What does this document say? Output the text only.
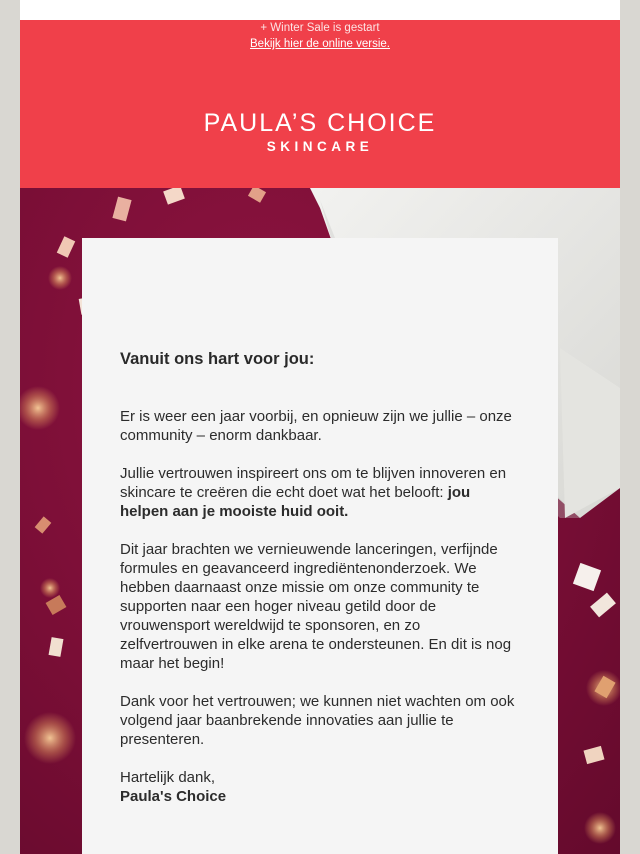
+ Winter Sale is gestart
Bekijk hier de online versie.
PAULA’S CHOICE
SKINCARE
Vanuit ons hart voor jou:

Er is weer een jaar voorbij, en opnieuw zijn we jullie – onze community – enorm dankbaar.

Jullie vertrouwen inspireert ons om te blijven innoveren en skincare te creëren die echt doet wat het belooft: jou helpen aan je mooiste huid ooit.

Dit jaar brachten we vernieuwende lanceringen, verfijnde formules en geavanceerd ingrediëntenonderzoek. We hebben daarnaast onze missie om onze community te supporten naar een hoger niveau getild door de vrouwensport wereldwijd te sponsoren, en zo zelfvertrouwen in elke arena te ondersteunen. En dit is nog maar het begin!

Dank voor het vertrouwen; we kunnen niet wachten om ook volgend jaar baanbrekende innovaties aan jullie te presenteren.

Hartelijk dank,

Paula's Choice
